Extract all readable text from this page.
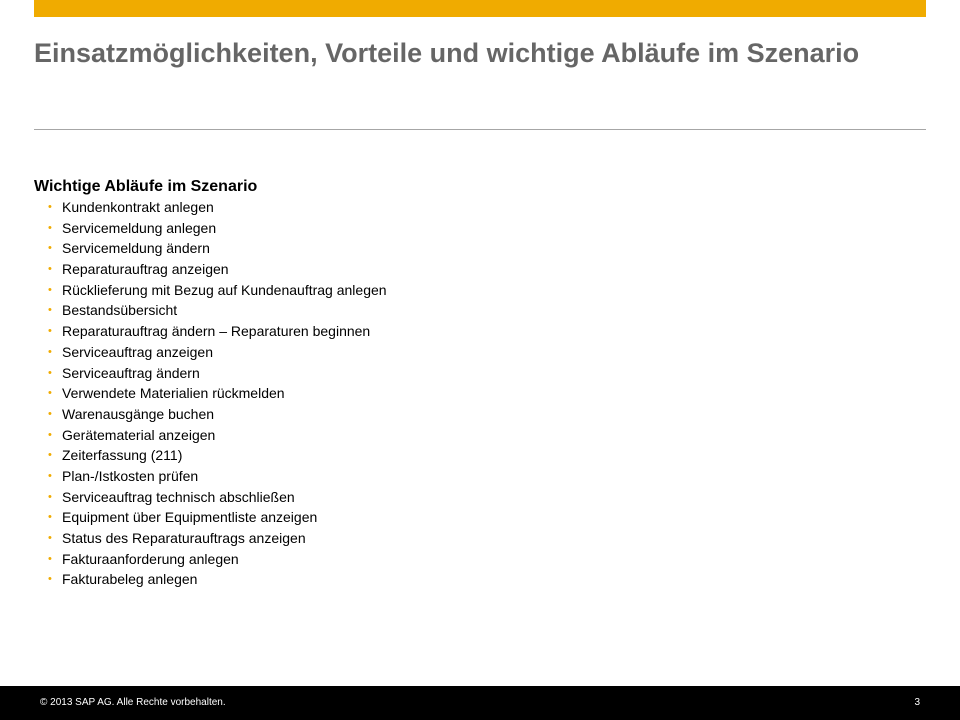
Einsatzmöglichkeiten, Vorteile und wichtige Abläufe im Szenario
Wichtige Abläufe im Szenario
• Kundenkontrakt anlegen
• Servicemeldung anlegen
• Servicemeldung ändern
• Reparaturauftrag anzeigen
• Rücklieferung mit Bezug auf Kundenauftrag anlegen
• Bestandsübersicht
• Reparaturauftrag ändern – Reparaturen beginnen
• Serviceauftrag anzeigen
• Serviceauftrag ändern
• Verwendete Materialien rückmelden
• Warenausgänge buchen
• Gerätematerial anzeigen
• Zeiterfassung (211)
• Plan-/Istkosten prüfen
• Serviceauftrag technisch abschließen
• Equipment über Equipmentliste anzeigen
• Status des Reparaturauftrags anzeigen
• Fakturaanforderung anlegen
• Fakturabeleg anlegen
© 2013 SAP AG. Alle Rechte vorbehalten.	3
